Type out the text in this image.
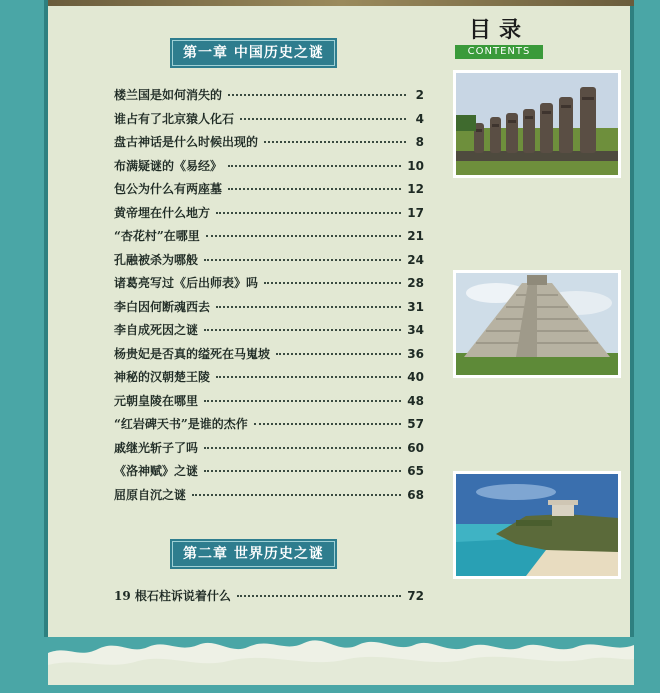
目录
CONTENTS
第一章 中国历史之谜
楼兰国是如何消失的	2
谁占有了北京猿人化石	4
盘古神话是什么时候出现的	8
布满疑谜的《易经》	10
包公为什么有两座墓	12
黄帝埋在什么地方	17
“杏花村”在哪里	21
孔融被杀为哪般	24
诸葛亮写过《后出师表》吗	28
李白因何断魂西去	31
李自成死因之谜	34
杨贵妃是否真的缢死在马嵬坡	36
神秘的汉朝楚王陵	40
元朝皇陵在哪里	48
“红岩碑天书”是谁的杰作	57
戚继光斩子了吗	60
《洛神赋》之谜	65
屈原自沉之谜	68
第二章 世界历史之谜
19 根石柱诉说着什么	72
